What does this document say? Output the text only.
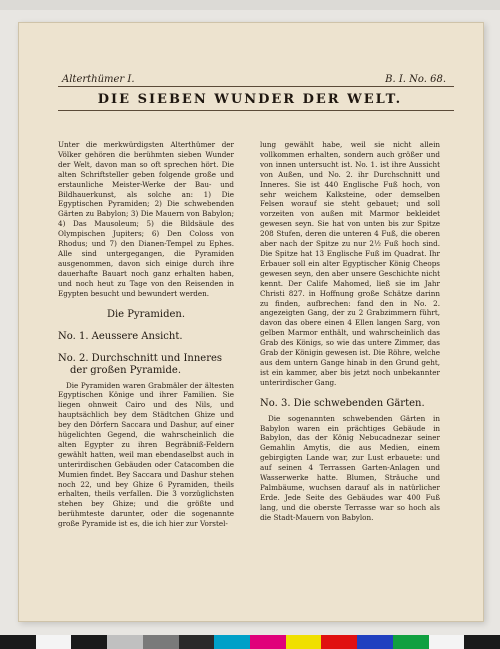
Alterthümer I.	B. I. No. 68.
DIE SIEBEN WUNDER DER WELT.

Unter die merkwürdigsten Alterthümer der Völker gehören die berühmten sieben Wunder der Welt, davon man so oft sprechen hört. Die alten Schriftsteller geben folgende große und erstaunliche Meister-Werke der Bau- und Bildhauerkunst, als solche an: 1) Die Egyptischen Pyramiden; 2) Die schwebenden Gärten zu Babylon; 3) Die Mauern von Babylon; 4) Das Mausoleum; 5) die Bildsäule des Olympischen Jupiters; 6) Den Coloss von Rhodus; und 7) den Dianen-Tempel zu Ephes. Alle sind untergegangen, die Pyramiden ausgenommen, davon sich einige durch ihre dauerhafte Bauart noch ganz erhalten haben, und noch heut zu Tage von den Reisenden in Egypten besucht und bewundert werden.

Die Pyramiden.
No. 1. Aeussere Ansicht.
No. 2. Durchschnitt und Inneres
der großen Pyramide.

Die Pyramiden waren Grabmäler der ältesten Egyptischen Könige und ihrer Familien. Sie liegen ohnweit Cairo und des Nils, und hauptsächlich bey dem Städtchen Ghize und bey den Dörfern Saccara und Dashur, auf einer hügelichten Gegend, die wahrscheinlich die alten Egypter zu ihren Begräbniß-Feldern gewählt hatten, weil man ebendaselbst auch in unterirdischen Gebäuden oder Catacomben die Mumien findet. Bey Saccara und Dashur stehen noch 22, und bey Ghize 6 Pyramiden, theils erhalten, theils verfallen. Die 3 vorzüglichsten stehen bey Ghize; und die größte und berühmteste darunter, oder die sogenannte große Pyramide ist es, die ich hier zur Vorstel-

lung gewählt habe, weil sie nicht allein vollkommen erhalten, sondern auch größer und von innen untersucht ist. No. 1. ist ihre Aussicht von Außen, und No. 2. ihr Durchschnitt und Inneres. Sie ist 440 Englische Fuß hoch, von sehr weichem Kalksteine, oder demselben Felsen worauf sie steht gebauet; und soll vorzeiten von außen mit Marmor bekleidet gewesen seyn. Sie hat von unten bis zur Spitze 208 Stufen, deren die unteren 4 Fuß, die oberen aber nach der Spitze zu nur 2½ Fuß hoch sind. Die Spitze hat 13 Englische Fuß im Quadrat. Ihr Erbauer soll ein alter Egyptischer König Cheops gewesen seyn, den aber unsere Geschichte nicht kennt. Der Calife Mahomed, ließ sie im Jahr Christi 827. in Hoffnung große Schätze darinn zu finden, aufbrechen: fand den in No. 2. angezeigten Gang, der zu 2 Grabzimmern führt, davon das obere einen 4 Ellen langen Sarg, von gelben Marmor enthält, und wahrscheinlich das Grab des Königs, so wie das untere Zimmer, das Grab der Königin gewesen ist. Die Röhre, welche aus dem untern Gange hinab in den Grund geht, ist ein kammer, aber bis jetzt noch unbekannter unterirdischer Gang.

No. 3. Die schwebenden Gärten.

Die sogenannten schwebenden Gärten in Babylon waren ein prächtiges Gebäude in Babylon, das der König Nebucadnezar seiner Gemahlin Amytis, die aus Medien, einem gebirgigten Lande war, zur Lust erbauete: und auf seinen 4 Terrassen Garten-Anlagen und Wasserwerke hatte. Blumen, Sträuche und Palmbäume, wuchsen darauf als in natürlicher Erde. Jede Seite des Gebäudes war 400 Fuß lang, und die oberste Terrasse war so hoch als die Stadt-Mauern von Babylon.
